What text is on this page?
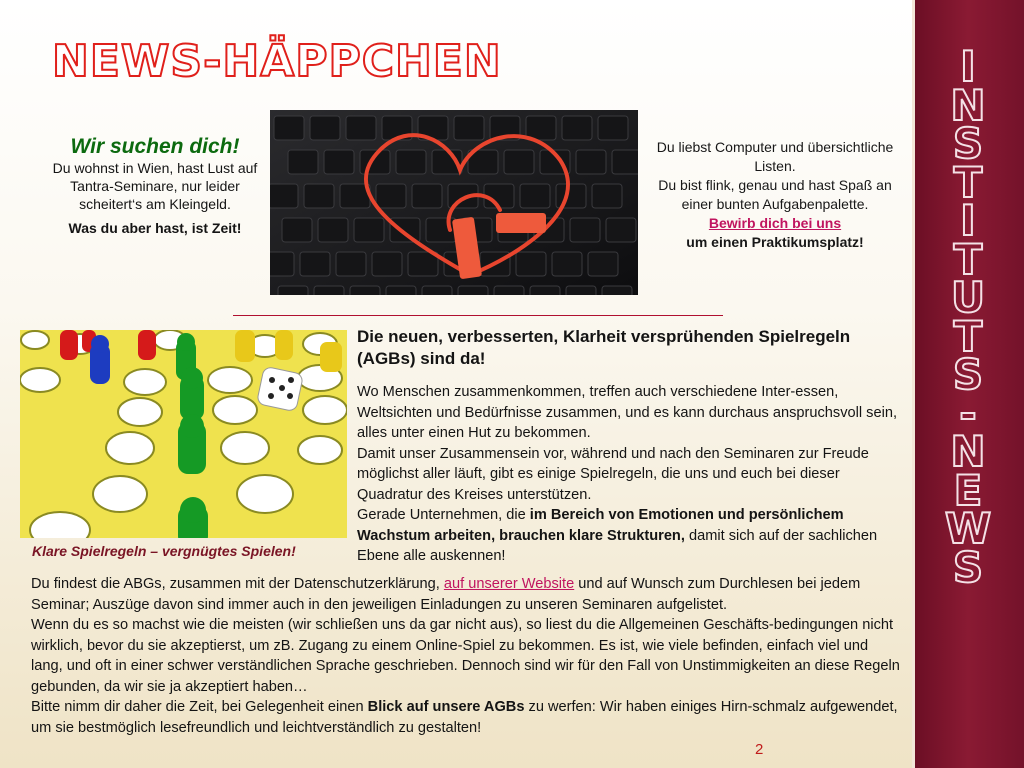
I
N
S
T
I
T
U
T
S
-
N
E
W
S
NEWS-HÄPPCHEN
Wir suchen dich!

Du wohnst in Wien, hast Lust auf Tantra-Seminare, nur leider scheitert‘s am Kleingeld.

Was du aber hast, ist Zeit!

Du liebst Computer und übersichtliche Listen.
Du bist flink, genau und hast Spaß an einer bunten Aufgabenpalette.
Bewirb dich bei uns
um einen Praktikumsplatz!
Klare Spielregeln – vergnügtes Spielen!
Die neuen, verbesserten, Klarheit versprühenden Spielregeln (AGBs) sind da!
Wo Menschen zusammenkommen, treffen auch verschiedene Inter-essen, Weltsichten und Bedürfnisse zusammen, und es kann durchaus anspruchsvoll sein, alles unter einen Hut zu bekommen.
Damit unser Zusammensein vor, während und nach den Seminaren zur Freude möglichst aller läuft, gibt es einige Spielregeln, die uns und euch bei dieser Quadratur des Kreises unterstützen.
Gerade Unternehmen, die im Bereich von Emotionen und persönlichem Wachstum arbeiten, brauchen klare Strukturen, damit sich auf der sachlichen Ebene alle auskennen!
Du findest die ABGs, zusammen mit der Datenschutzerklärung, auf unserer Website und auf Wunsch zum Durchlesen bei jedem Seminar; Auszüge davon sind immer auch in den jeweiligen Einladungen zu unseren Seminaren aufgelistet.
Wenn du es so machst wie die meisten (wir schließen uns da gar nicht aus), so liest du die Allgemeinen Geschäfts-bedingungen nicht wirklich, bevor du sie akzeptierst, um zB. Zugang zu einem Online-Spiel zu bekommen. Es ist, wie viele befinden, einfach viel und lang, und oft in einer schwer verständlichen Sprache geschrieben. Dennoch sind wir für den Fall von Unstimmigkeiten an diese Regeln gebunden, da wir sie ja akzeptiert haben…
Bitte nimm dir daher die Zeit, bei Gelegenheit einen Blick auf unsere AGBs zu werfen: Wir haben einiges Hirn-schmalz aufgewendet, um sie bestmöglich lesefreundlich und leichtverständlich zu gestalten!
2
